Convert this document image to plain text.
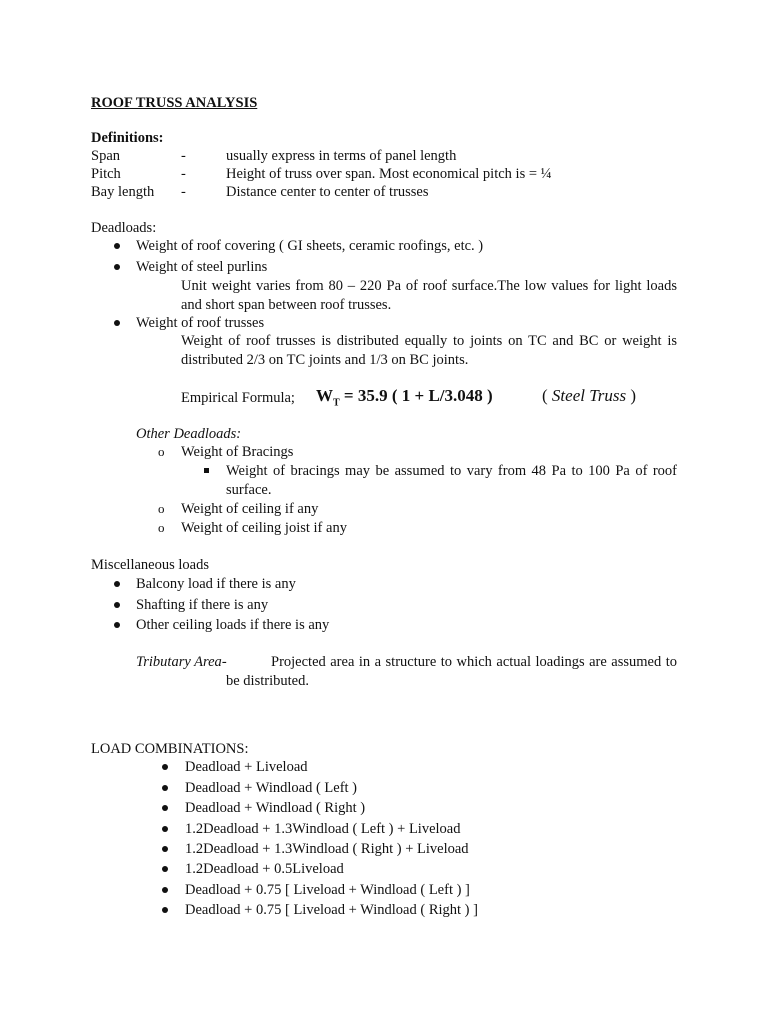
ROOF TRUSS ANALYSIS
Definitions:
Span	-	usually express in terms of panel length
Pitch	-	Height of truss over span. Most economical pitch is = ¼
Bay length -	Distance center to center of trusses
Deadloads:
Weight of roof covering ( GI sheets, ceramic roofings, etc. )
Weight of steel purlins
Unit weight varies from 80 – 220 Pa of roof surface.The low values for light loads and short span between roof trusses.
Weight of roof trusses
Weight of roof trusses is distributed equally to joints on TC and BC or weight is distributed 2/3 on TC joints and 1/3 on BC joints.
Empirical Formula; $W_T = 35.9$ ( 1 + L/3.048 )	( Steel Truss )
Other Deadloads:
o Weight of Bracings
Weight of bracings may be assumed to vary from 48 Pa to 100 Pa of roof surface.
o Weight of ceiling if any
o Weight of ceiling joist if any
Miscellaneous loads
Balcony load if there is any
Shafting if there is any
Other ceiling loads if there is any
Tributary Area-	Projected area in a structure to which actual loadings are assumed to be distributed.
LOAD COMBINATIONS:
Deadload + Liveload
Deadload + Windload ( Left )
Deadload + Windload ( Right )
1.2Deadload + 1.3Windload ( Left ) + Liveload
1.2Deadload + 1.3Windload ( Right ) + Liveload
1.2Deadload + 0.5Liveload
Deadload + 0.75 [ Liveload + Windload ( Left ) ]
Deadload + 0.75 [ Liveload + Windload ( Right ) ]
